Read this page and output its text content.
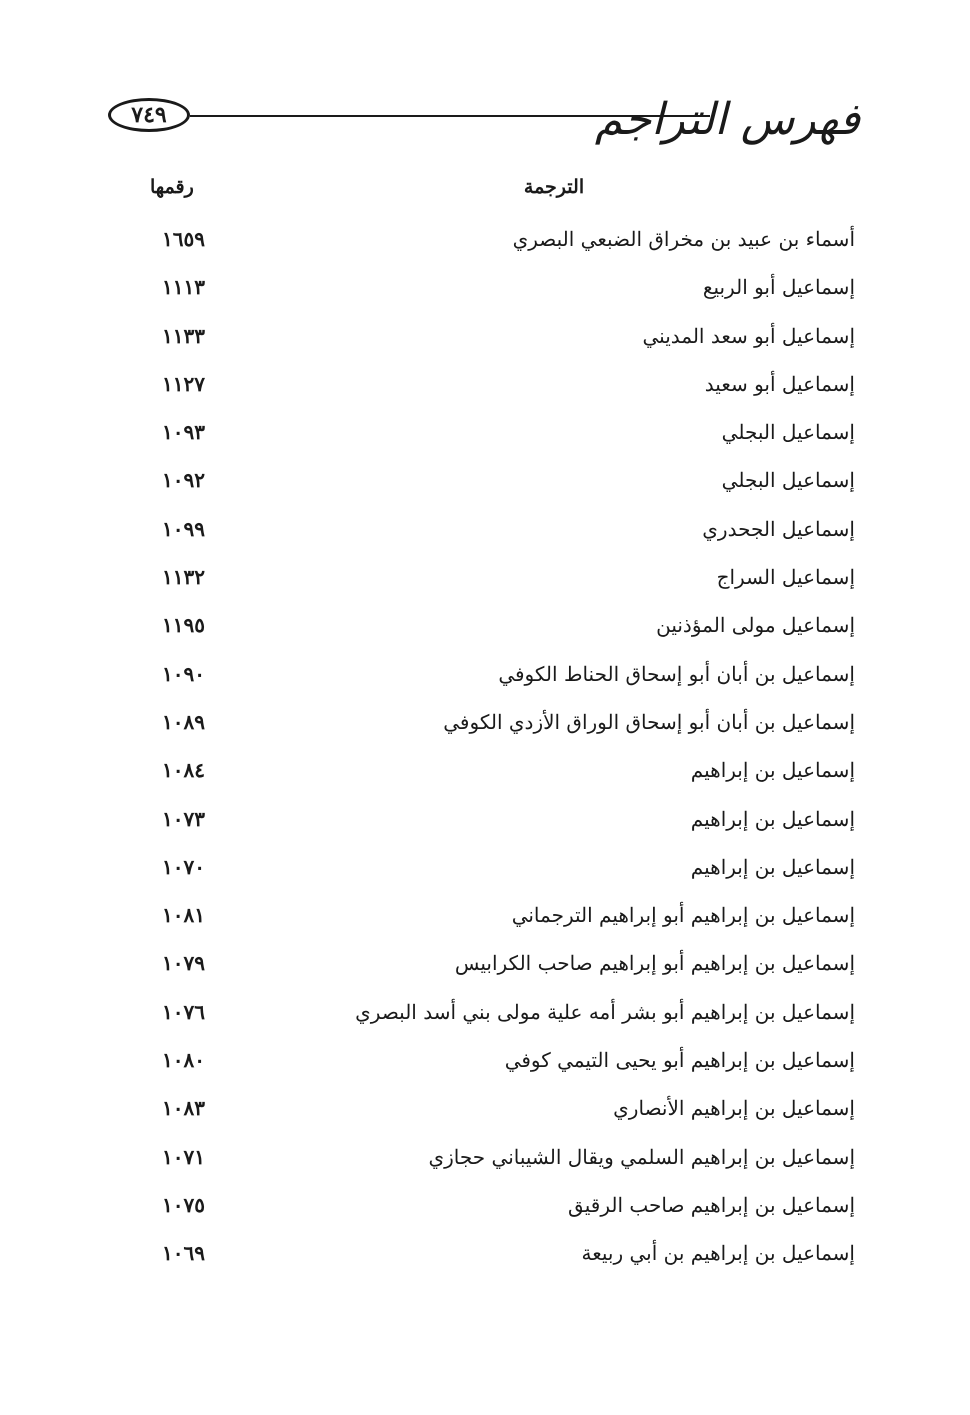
٧٤٩	فهرس التراجم
الترجمة
رقمها
أسماء بن عبيد بن مخراق الضبعي البصري
١٦٥٩
إسماعيل أبو الربيع
١١١٣
إسماعيل أبو سعد المديني
١١٣٣
إسماعيل أبو سعيد
١١٢٧
إسماعيل البجلي
١٠٩٣
إسماعيل البجلي
١٠٩٢
إسماعيل الجحدري
١٠٩٩
إسماعيل السراج
١١٣٢
إسماعيل مولى المؤذنين
١١٩٥
إسماعيل بن أبان أبو إسحاق الحناط الكوفي
١٠٩٠
إسماعيل بن أبان أبو إسحاق الوراق الأزدي الكوفي
١٠٨٩
إسماعيل بن إبراهيم
١٠٨٤
إسماعيل بن إبراهيم
١٠٧٣
إسماعيل بن إبراهيم
١٠٧٠
إسماعيل بن إبراهيم أبو إبراهيم الترجماني
١٠٨١
إسماعيل بن إبراهيم أبو إبراهيم صاحب الكرابيس
١٠٧٩
إسماعيل بن إبراهيم أبو بشر أمه علية مولى بني أسد البصري
١٠٧٦
إسماعيل بن إبراهيم أبو يحيى التيمي كوفي
١٠٨٠
إسماعيل بن إبراهيم الأنصاري
١٠٨٣
إسماعيل بن إبراهيم السلمي ويقال الشيباني حجازي
١٠٧١
إسماعيل بن إبراهيم صاحب الرقيق
١٠٧٥
إسماعيل بن إبراهيم بن أبي ربيعة
١٠٦٩
